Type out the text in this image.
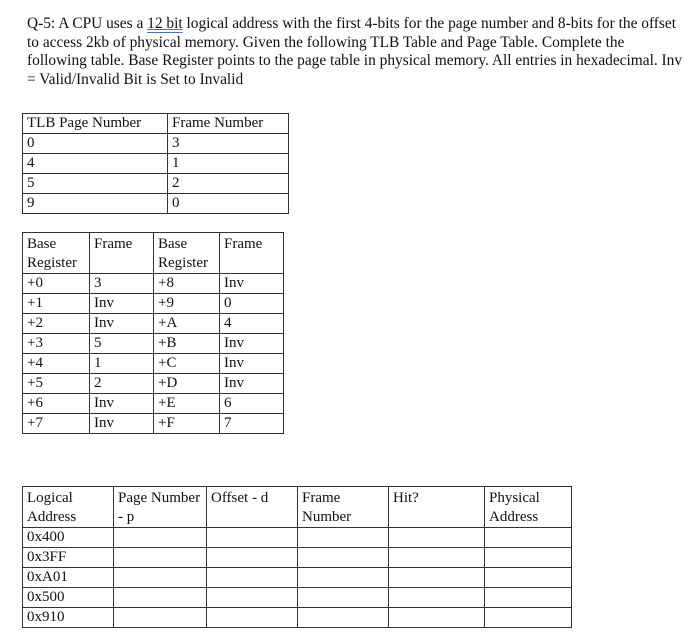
Q-5: A CPU uses a 12 bit logical address with the first 4-bits for the page number and 8-bits for the offset to access 2kb of physical memory. Given the following TLB Table and Page Table. Complete the following table. Base Register points to the page table in physical memory. All entries in hexadecimal. Inv = Valid/Invalid Bit is Set to Invalid
TLB Page Number	Frame Number
0	3
4	1
5	2
9	0
Base Register	Frame	Base Register	Frame
+0	3	+8	Inv
+1	Inv	+9	0
+2	Inv	+A	4
+3	5	+B	Inv
+4	1	+C	Inv
+5	2	+D	Inv
+6	Inv	+E	6
+7	Inv	+F	7
Logical Address	Page Number - p	Offset - d	Frame Number	Hit?	Physical Address
0x400					
0x3FF					
0xA01					
0x500					
0x910					
